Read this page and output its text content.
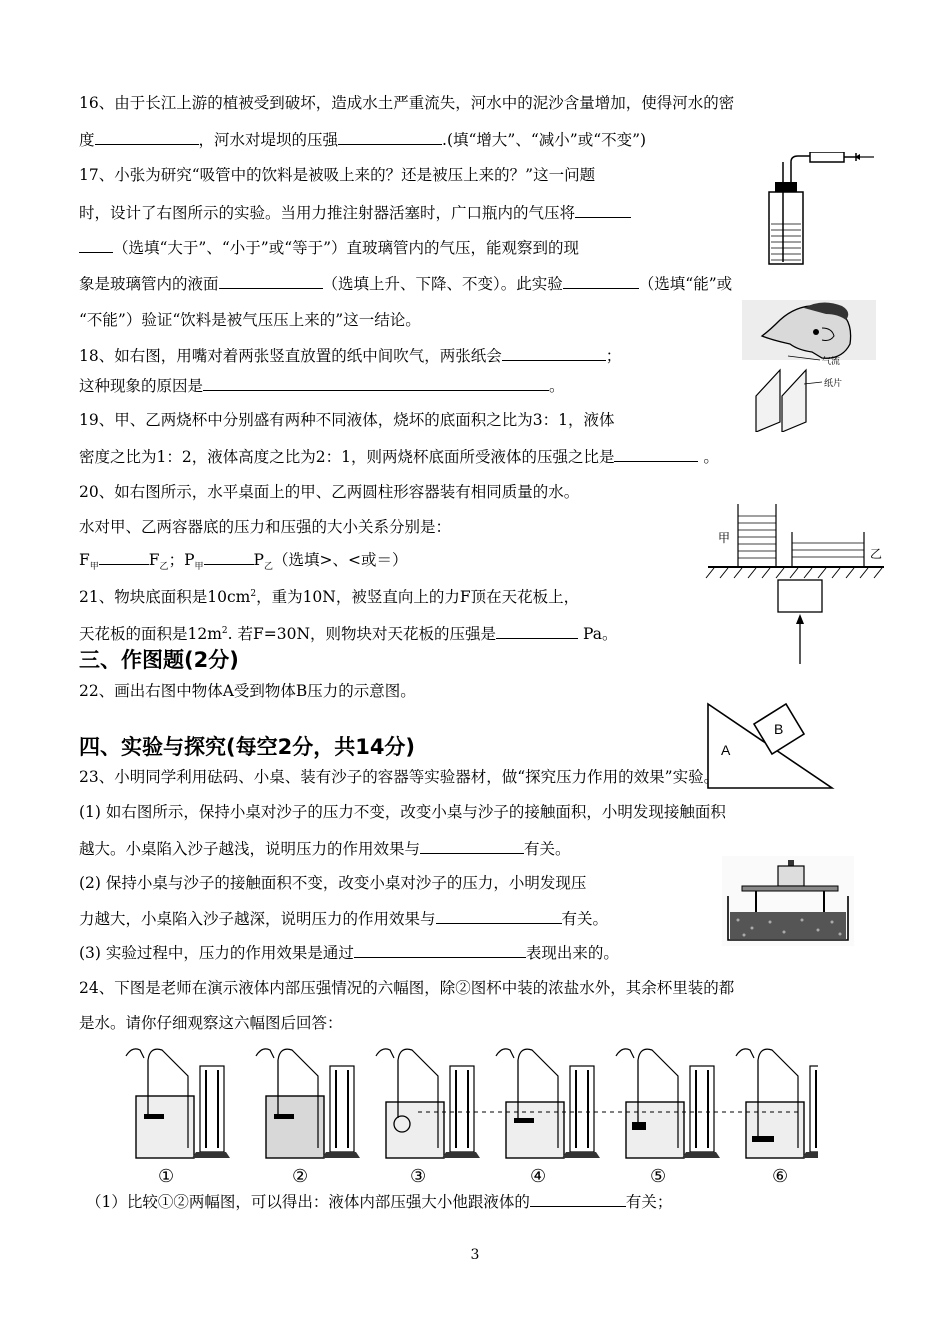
16、由于长江上游的植被受到破坏，造成水土严重流失，河水中的泥沙含量增加，使得河水的密
度	，河水对堤坝的压强	.(填“增大”、“减小”或“不变”)
17、小张为研究“吸管中的饮料是被吸上来的？还是被压上来的？”这一问题
时，设计了右图所示的实验。当用力推注射器活塞时，广口瓶内的气压将
（选填“大于”、“小于”或“等于”）直玻璃管内的气压，能观察到的现
象是玻璃管内的液面	（选填上升、下降、不变）。此实验	（选填“能”或
“不能”）验证“饮料是被气压压上来的”这一结论。
18、如右图，用嘴对着两张竖直放置的纸中间吹气，两张纸会	；
这种现象的原因是	。
19、甲、乙两烧杯中分别盛有两种不同液体，烧坏的底面积之比为3：1，液体
密度之比为1：2，液体高度之比为2：1，则两烧杯底面所受液体的压强之比是	。
20、如右图所示，水平桌面上的甲、乙两圆柱形容器装有相同质量的水。
水对甲、乙两容器底的压力和压强的大小关系分别是：
$F_甲$	$F_乙$；$P_甲$	$P_乙$（选填>、<或＝）
21、物块底面积是$10cm^2$，重为10N，被竖直向上的力F顶在天花板上，
天花板的面积是$12m^2$. 若F=30N，则物块对天花板的压强是	Pa。
三、作图题(2分)
22、画出右图中物体A受到物体B压力的示意图。
四、实验与探究(每空2分，共14分)
23、小明同学利用砝码、小桌、装有沙子的容器等实验器材，做“探究压力作用的效果”实验。
(1) 如右图所示，保持小桌对沙子的压力不变，改变小桌与沙子的接触面积，小明发现接触面积
越大。小桌陷入沙子越浅，说明压力的作用效果与	有关。
(2) 保持小桌与沙子的接触面积不变，改变小桌对沙子的压力，小明发现压
力越大，小桌陷入沙子越深，说明压力的作用效果与	有关。
(3) 实验过程中，压力的作用效果是通过	表现出来的。
24、下图是老师在演示液体内部压强情况的六幅图，除②图杯中装的浓盐水外，其余杯里装的都
是水。请你仔细观察这六幅图后回答：
（1）比较①②两幅图，可以得出：液体内部压强大小他跟液体的	有关；
3
气流
纸片
甲
乙
B
A
①	②	③	④	⑤	⑥
